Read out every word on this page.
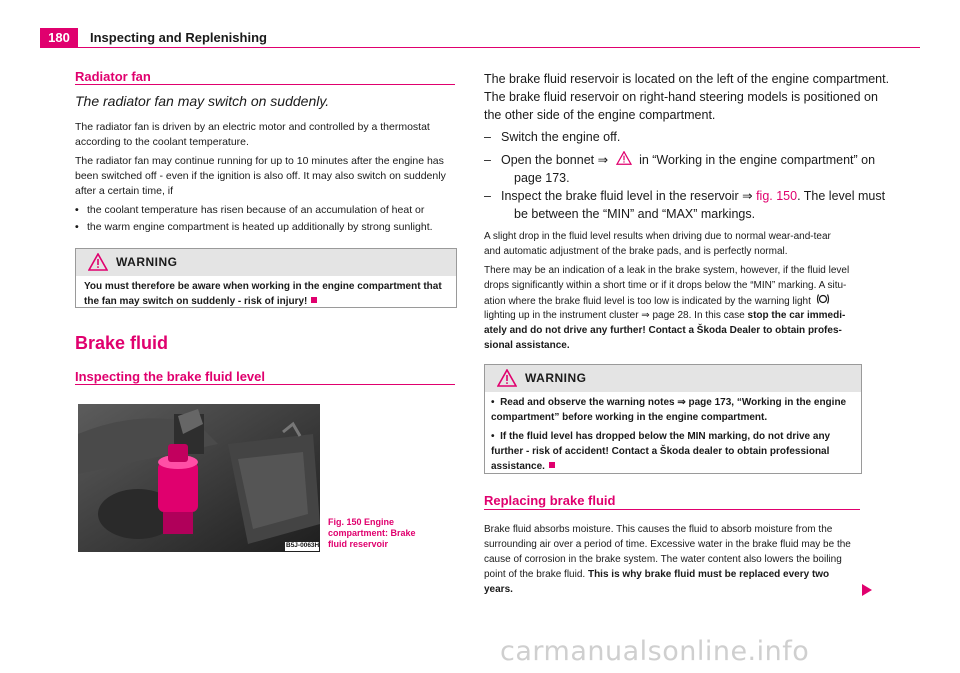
180	Inspecting and Replenishing
Radiator fan
The radiator fan may switch on suddenly.
The radiator fan is driven by an electric motor and controlled by a thermostat
according to the coolant temperature.
The radiator fan may continue running for up to 10 minutes after the engine has
been switched off - even if the ignition is also off. It may also switch on suddenly
after a certain time, if
• the coolant temperature has risen because of an accumulation of heat or
• the warm engine compartment is heated up additionally by strong sunlight.
WARNING
You must therefore be aware when working in the engine compartment that
the fan may switch on suddenly - risk of injury!
Brake fluid
Inspecting the brake fluid level
B5J-0063H
Fig. 150 Engine
compartment: Brake
fluid reservoir
The brake fluid reservoir is located on the left of the engine compartment.
The brake fluid reservoir on right-hand steering models is positioned on
the other side of the engine compartment.
– Switch the engine off.
– Open the bonnet ⇒ in “Working in the engine compartment” on
page 173.
– Inspect the brake fluid level in the reservoir ⇒ fig. 150. The level must
be between the “MIN” and “MAX” markings.
A slight drop in the fluid level results when driving due to normal wear-and-tear
and automatic adjustment of the brake pads, and is perfectly normal.
There may be an indication of a leak in the brake system, however, if the fluid level
drops significantly within a short time or if it drops below the “MIN” marking. A situ-
ation where the brake fluid level is too low is indicated by the warning light
lighting up in the instrument cluster ⇒ page 28. In this case stop the car immedi-
ately and do not drive any further! Contact a Škoda Dealer to obtain profes-
sional assistance.
WARNING
• Read and observe the warning notes ⇒ page 173, “Working in the engine
compartment” before working in the engine compartment.
• If the fluid level has dropped below the MIN marking, do not drive any
further - risk of accident! Contact a Škoda dealer to obtain professional
assistance.
Replacing brake fluid
Brake fluid absorbs moisture. This causes the fluid to absorb moisture from the
surrounding air over a period of time. Excessive water in the brake fluid may be the
cause of corrosion in the brake system. The water content also lowers the boiling
point of the brake fluid. This is why brake fluid must be replaced every two
years.
carmanualsonline.info
